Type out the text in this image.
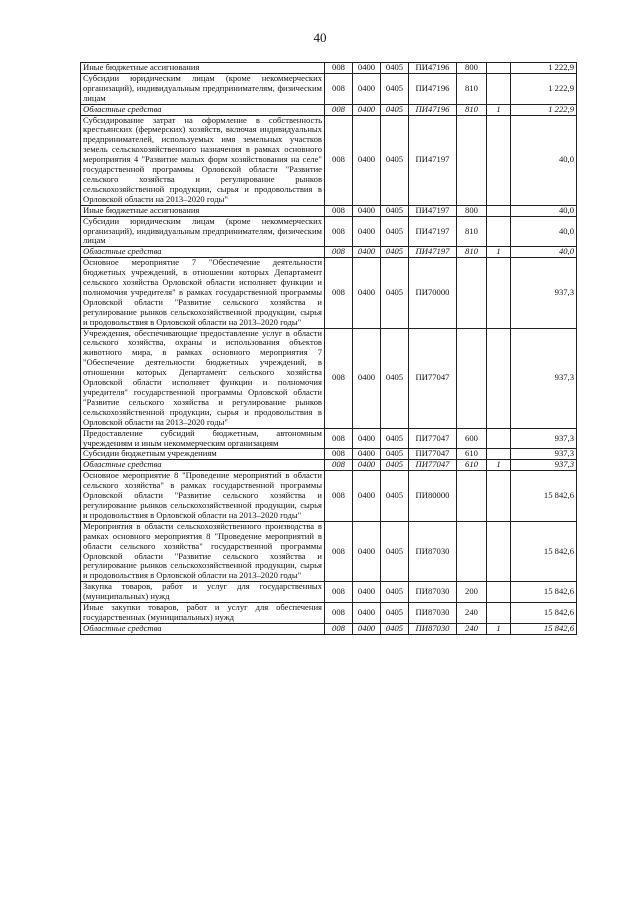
40
Иные бюджетные ассигнования	008	0400	0405	ПИ47196	800		1 222,9
Субсидии юридическим лицам (кроме некоммерческих организаций), индивидуальным предпринимателям, физическим лицам	008	0400	0405	ПИ47196	810		1 222,9
Областные средства	008	0400	0405	ПИ47196	810	1	1 222,9
Субсидирование затрат на оформление в собственность крестьянских (фермерских) хозяйств, включая индивидуальных предпринимателей, используемых имя земельных участков земель сельскохозяйственного назначения в рамках основного мероприятия 4 "Развитие малых форм хозяйствования на селе" государственной программы Орловской области "Развитие сельского хозяйства и регулирование рынков сельскохозяйственной продукции, сырья и продовольствия в Орловской области на 2013–2020 годы"	008	0400	0405	ПИ47197			40,0
Иные бюджетные ассигнования	008	0400	0405	ПИ47197	800		40,0
Субсидии юридическим лицам (кроме некоммерческих организаций), индивидуальным предпринимателям, физическим лицам	008	0400	0405	ПИ47197	810		40,0
Областные средства	008	0400	0405	ПИ47197	810	1	40,0
Основное мероприятие 7 "Обеспечение деятельности бюджетных учреждений, в отношении которых Департамент сельского хозяйства Орловской области исполняет функции и полномочия учредителя" в рамках государственной программы Орловской области "Развитие сельского хозяйства и регулирование рынков сельскохозяйственной продукции, сырья и продовольствия в Орловской области на 2013–2020 годы"	008	0400	0405	ПИ70000			937,3
Учреждения, обеспечивающие предоставление услуг в области сельского хозяйства, охраны и использования объектов животного мира, в рамках основного мероприятия 7 "Обеспечение деятельности бюджетных учреждений, в отношении которых Департамент сельского хозяйства Орловской области исполняет функции и полномочия учредителя" государственной программы Орловской области "Развитие сельского хозяйства и регулирование рынков сельскохозяйственной продукции, сырья и продовольствия в Орловской области на 2013–2020 годы"	008	0400	0405	ПИ77047			937,3
Предоставление субсидий бюджетным, автономным учреждениям и иным некоммерческим организациям	008	0400	0405	ПИ77047	600		937,3
Субсидии бюджетным учреждениям	008	0400	0405	ПИ77047	610		937,3
Областные средства	008	0400	0405	ПИ77047	610	1	937,3
Основное мероприятие 8 "Проведение мероприятий в области сельского хозяйства" в рамках государственной программы Орловской области "Развитие сельского хозяйства и регулирование рынков сельскохозяйственной продукции, сырья и продовольствия в Орловской области на 2013–2020 годы"	008	0400	0405	ПИ80000			15 842,6
Мероприятия в области сельскохозяйственного производства в рамках основного мероприятия 8 "Проведение мероприятий в области сельского хозяйства" государственной программы Орловской области "Развитие сельского хозяйства и регулирование рынков сельскохозяйственной продукции, сырья и продовольствия в Орловской области на 2013–2020 годы"	008	0400	0405	ПИ87030			15 842,6
Закупка товаров, работ и услуг для государственных (муниципальных) нужд	008	0400	0405	ПИ87030	200		15 842,6
Иные закупки товаров, работ и услуг для обеспечения государственных (муниципальных) нужд	008	0400	0405	ПИ87030	240		15 842,6
Областные средства	008	0400	0405	ПИ87030	240	1	15 842,6
